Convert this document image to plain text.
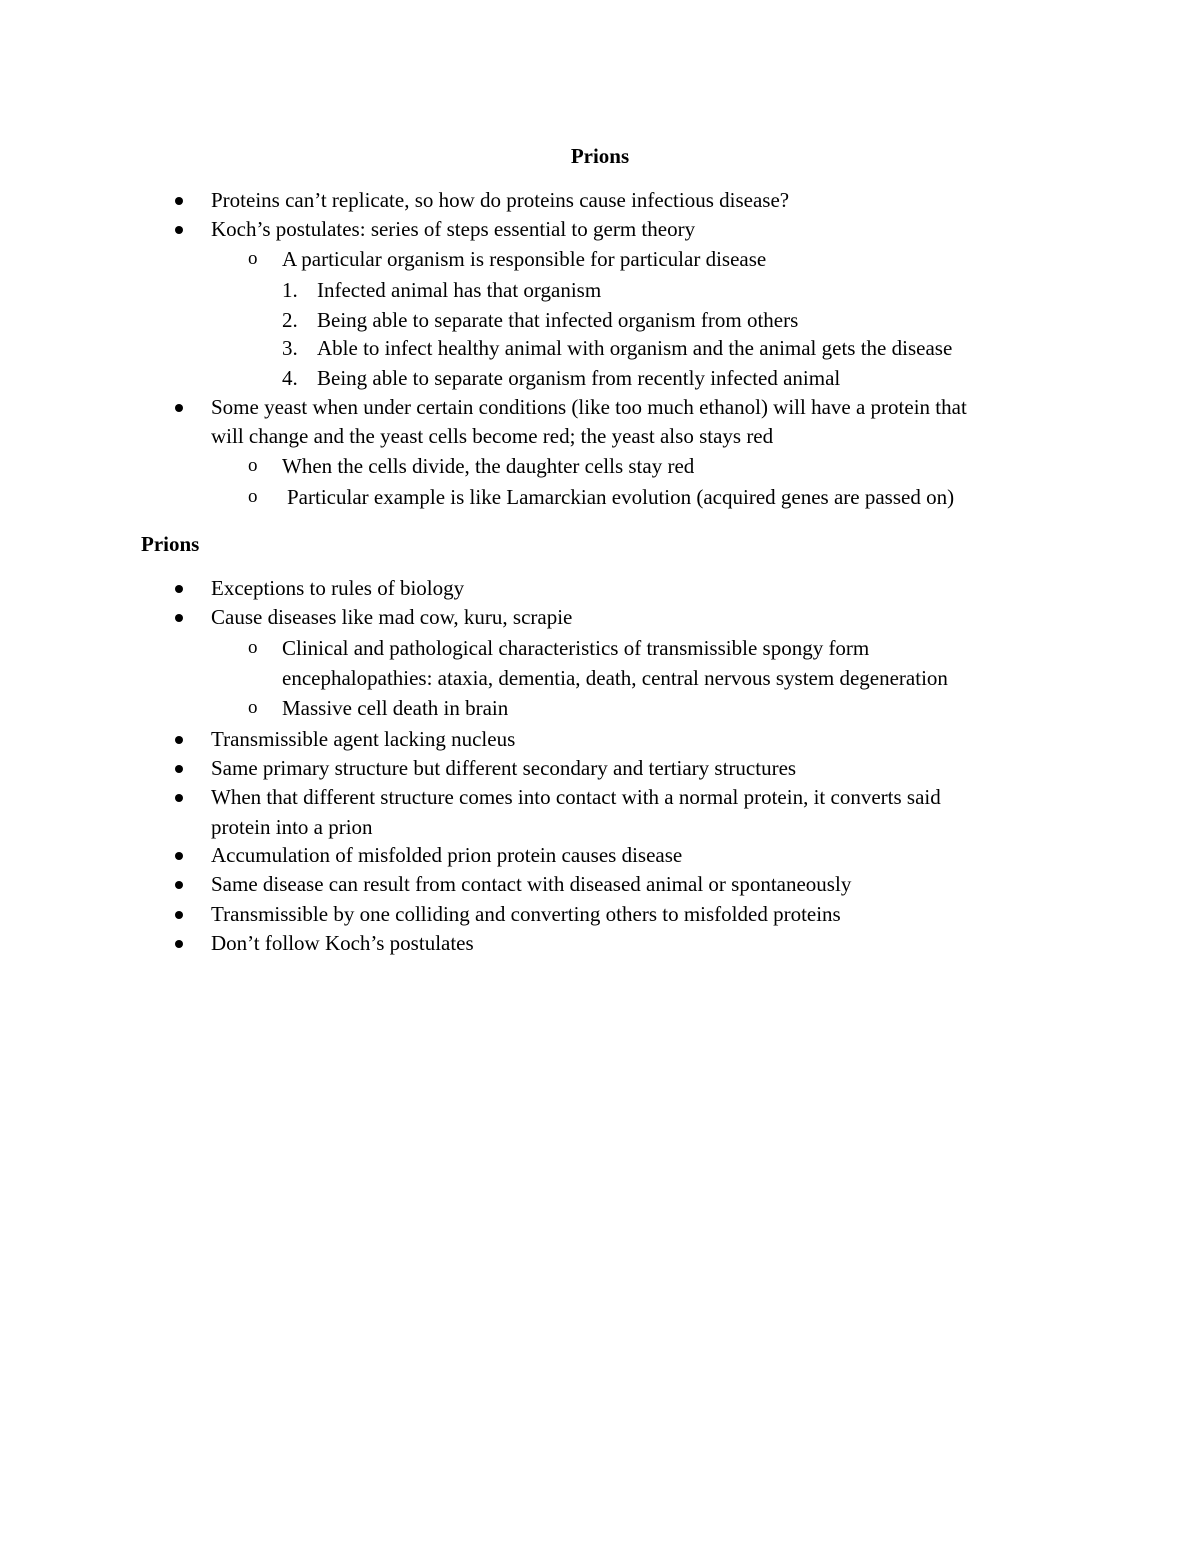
Prions
Proteins can’t replicate, so how do proteins cause infectious disease?
Koch’s postulates: series of steps essential to germ theory
o A particular organism is responsible for particular disease
1. Infected animal has that organism
2. Being able to separate that infected organism from others
3. Able to infect healthy animal with organism and the animal gets the disease
4. Being able to separate organism from recently infected animal
Some yeast when under certain conditions (like too much ethanol) will have a protein that
will change and the yeast cells become red; the yeast also stays red
o When the cells divide, the daughter cells stay red
o Particular example is like Lamarckian evolution (acquired genes are passed on)
Prions
Exceptions to rules of biology
Cause diseases like mad cow, kuru, scrapie
o Clinical and pathological characteristics of transmissible spongy form
encephalopathies: ataxia, dementia, death, central nervous system degeneration
o Massive cell death in brain
Transmissible agent lacking nucleus
Same primary structure but different secondary and tertiary structures
When that different structure comes into contact with a normal protein, it converts said
protein into a prion
Accumulation of misfolded prion protein causes disease
Same disease can result from contact with diseased animal or spontaneously
Transmissible by one colliding and converting others to misfolded proteins
Don’t follow Koch’s postulates
